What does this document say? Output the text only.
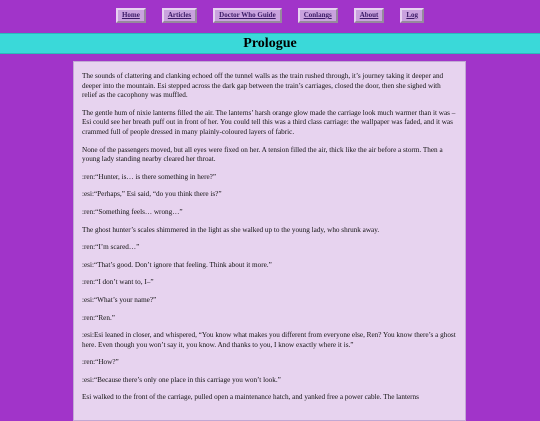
Home	Articles	Doctor Who Guide	Conlangs	About	Log
Prologue

The sounds of clattering and clanking echoed off the tunnel walls as the train rushed through, it’s journey taking it deeper and deeper into the mountain. Esi stepped across the dark gap between the train’s carriages, closed the door, then she sighed with relief as the cacophony was muffled.

The gentle hum of nixie lanterns filled the air. The lanterns’ harsh orange glow made the carriage look much warmer than it was – Esi could see her breath puff out in front of her. You could tell this was a third class carriage: the wallpaper was faded, and it was crammed full of people dressed in many plainly-coloured layers of fabric.

None of the passengers moved, but all eyes were fixed on her. A tension filled the air, thick like the air before a storm. Then a young lady standing nearby cleared her throat.

:ren:“Hunter, is… is there something in here?”

:esi:“Perhaps,” Esi said, “do you think there is?”

:ren:“Something feels… wrong…”

The ghost hunter’s scales shimmered in the light as she walked up to the young lady, who shrunk away.

:ren:“I’m scared…”

:esi:“That’s good. Don’t ignore that feeling. Think about it more.”

:ren:“I don’t want to, I–”

:esi:“What’s your name?”

:ren:“Ren.”

:esi:Esi leaned in closer, and whispered, “You know what makes you different from everyone else, Ren? You know there’s a ghost here. Even though you won’t say it, you know. And thanks to you, I know exactly where it is.”

:ren:“How?”

:esi:“Because there’s only one place in this carriage you won’t look.”

Esi walked to the front of the carriage, pulled open a maintenance hatch, and yanked free a power cable. The lanterns
